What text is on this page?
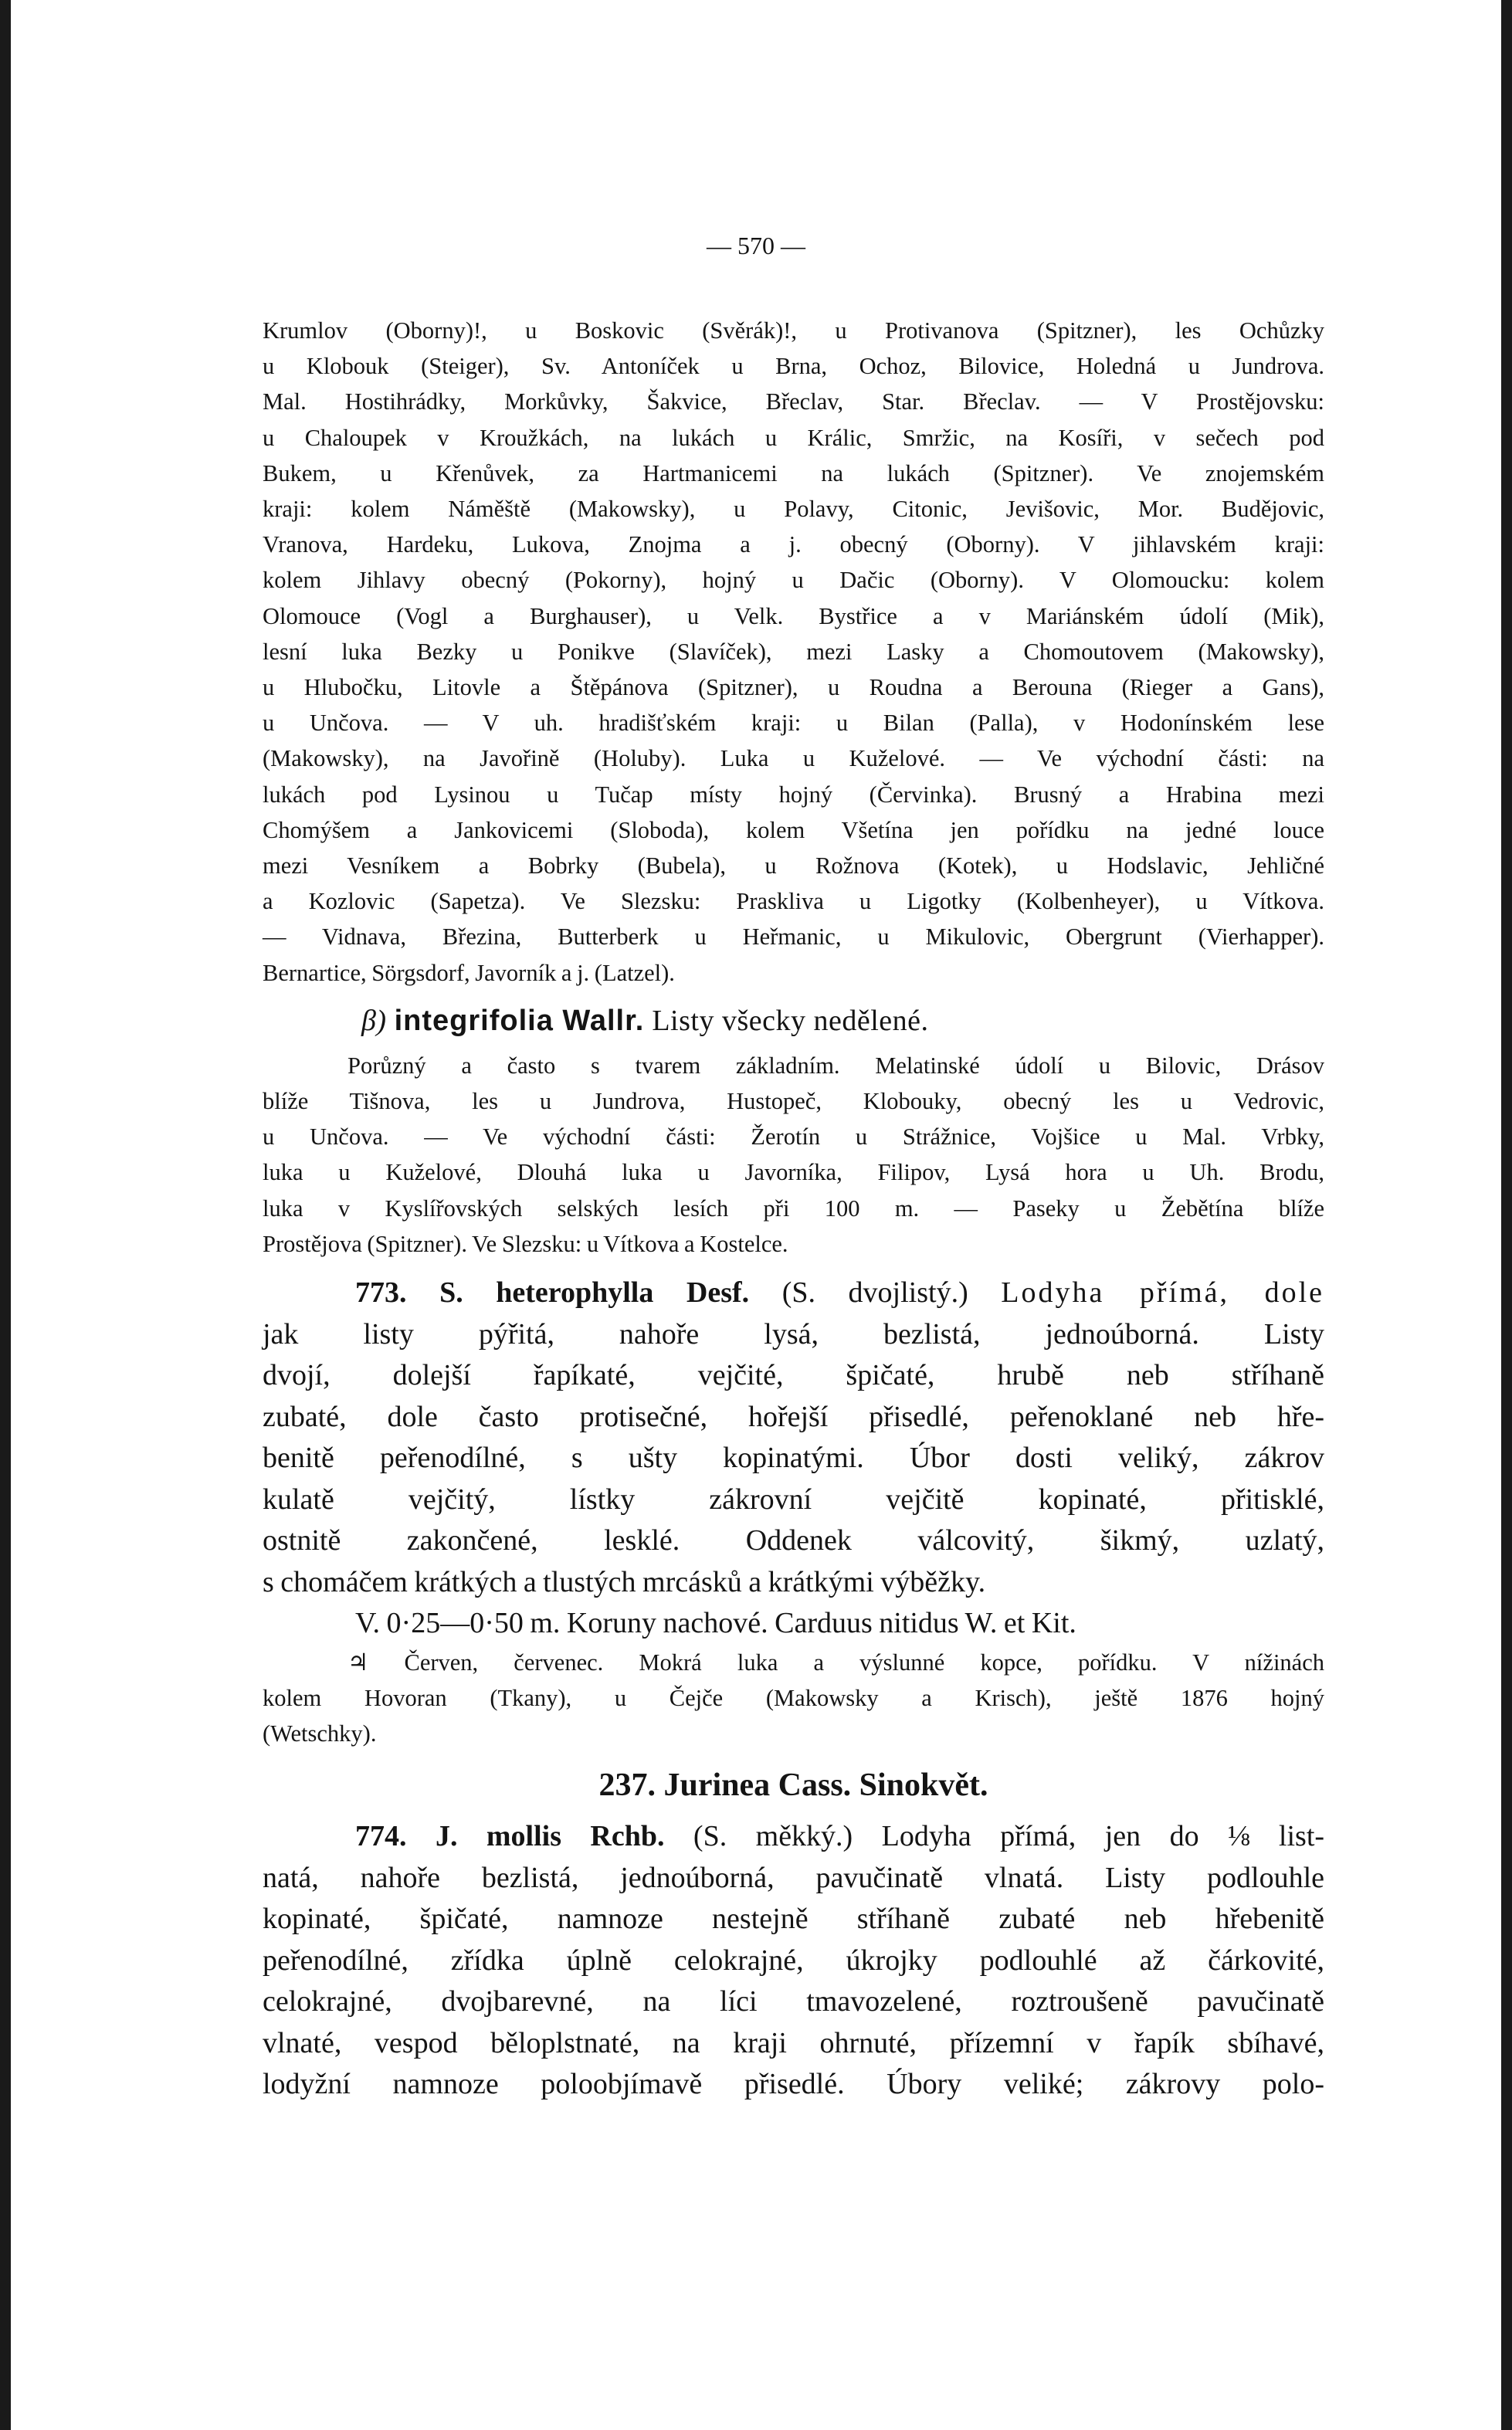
— 570 —

Krumlov (Oborny)!, u Boskovic (Svěrák)!, u Protivanova (Spitzner), les Ochůzky

u Klobouk (Steiger), Sv. Antoníček u Brna, Ochoz, Bilovice, Holedná u Jundrova.

Mal. Hostihrádky, Morkůvky, Šakvice, Břeclav, Star. Břeclav. — V Prostějovsku:

u Chaloupek v Kroužkách, na lukách u Králic, Smržic, na Kosíři, v sečech pod

Bukem, u Křenůvek, za Hartmanicemi na lukách (Spitzner). Ve znojemském

kraji: kolem Náměště (Makowsky), u Polavy, Citonic, Jevišovic, Mor. Budějovic,

Vranova, Hardeku, Lukova, Znojma a j. obecný (Oborny). V jihlavském kraji:

kolem Jihlavy obecný (Pokorny), hojný u Dačic (Oborny). V Olomoucku: kolem

Olomouce (Vogl a Burghauser), u Velk. Bystřice a v Mariánském údolí (Mik),

lesní luka Bezky u Ponikve (Slavíček), mezi Lasky a Chomoutovem (Makowsky),

u Hlubočku, Litovle a Štěpánova (Spitzner), u Roudna a Berouna (Rieger a Gans),

u Unčova. — V uh. hradišťském kraji: u Bilan (Palla), v Hodonínském lese

(Makowsky), na Javořině (Holuby). Luka u Kuželové. — Ve východní části: na

lukách pod Lysinou u Tučap místy hojný (Červinka). Brusný a Hrabina mezi

Chomýšem a Jankovicemi (Sloboda), kolem Všetína jen pořídku na jedné louce

mezi Vesníkem a Bobrky (Bubela), u Rožnova (Kotek), u Hodslavic, Jehličné

a Kozlovic (Sapetza). Ve Slezsku: Praskliva u Ligotky (Kolbenheyer), u Vítkova.

— Vidnava, Březina, Butterberk u Heřmanic, u Mikulovic, Obergrunt (Vierhapper).

Bernartice, Sörgsdorf, Javorník a j. (Latzel).

β) integrifolia Wallr. Listy všecky nedělené.

Porůzný a často s tvarem základním. Melatinské údolí u Bilovic, Drásov

blíže Tišnova, les u Jundrova, Hustopeč, Klobouky, obecný les u Vedrovic,

u Unčova. — Ve východní části: Žerotín u Strážnice, Vojšice u Mal. Vrbky,

luka u Kuželové, Dlouhá luka u Javorníka, Filipov, Lysá hora u Uh. Brodu,

luka v Kyslířovských selských lesích při 100 m. — Paseky u Žebětína blíže

Prostějova (Spitzner). Ve Slezsku: u Vítkova a Kostelce.

773. S. heterophylla Desf. (S. dvojlistý.) Lodyha přímá, dole

jak listy pýřitá, nahoře lysá, bezlistá, jednoúborná. Listy

dvojí, dolejší řapíkaté, vejčité, špičaté, hrubě neb stříhaně

zubaté, dole často protisečné, hořejší přisedlé, peřenoklané neb hře-

benitě peřenodílné, s ušty kopinatými. Úbor dosti veliký, zákrov

kulatě vejčitý, lístky zákrovní vejčitě kopinaté, přitisklé,

ostnitě zakončené, lesklé. Oddenek válcovitý, šikmý, uzlatý,

s chomáčem krátkých a tlustých mrcásků a krátkými výběžky.

V. 0·25—0·50 m. Koruny nachové. Carduus nitidus W. et Kit.

♃ Červen, červenec. Mokrá luka a výslunné kopce, pořídku. V nížinách

kolem Hovoran (Tkany), u Čejče (Makowsky a Krisch), ještě 1876 hojný

(Wetschky).

237. Jurinea Cass. Sinokvět.

774. J. mollis Rchb. (S. měkký.) Lodyha přímá, jen do ⅛ list-

natá, nahoře bezlistá, jednoúborná, pavučinatě vlnatá. Listy podlouhle

kopinaté, špičaté, namnoze nestejně stříhaně zubaté neb hřebenitě

peřenodílné, zřídka úplně celokrajné, úkrojky podlouhlé až čárkovité,

celokrajné, dvojbarevné, na líci tmavozelené, roztroušeně pavučinatě

vlnaté, vespod běloplstnaté, na kraji ohrnuté, přízemní v řapík sbíhavé,

lodyžní namnoze poloobjímavě přisedlé. Úbory veliké; zákrovy polo-
